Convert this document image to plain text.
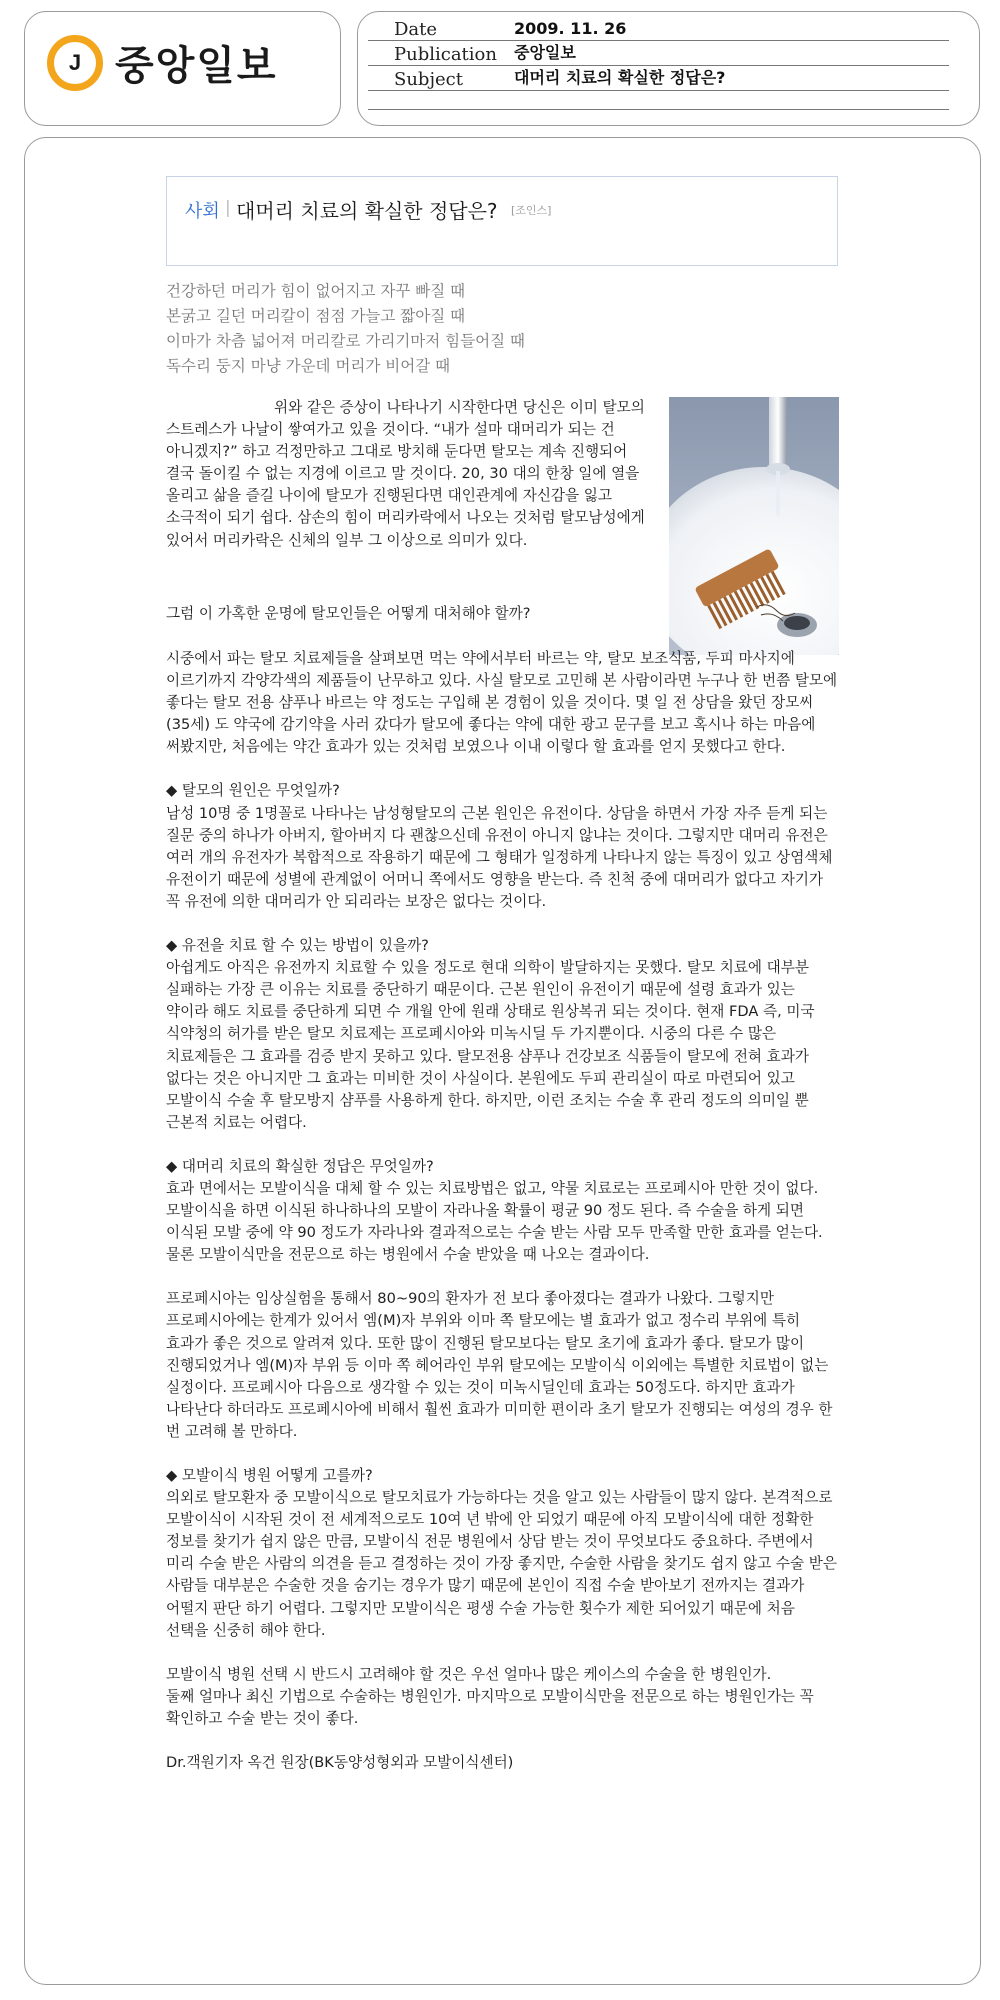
J 중앙일보
Date	2009. 11. 26
Publication	중앙일보
Subject	대머리 치료의 확실한 정답은?
사회 | 대머리 치료의 확실한 정답은? [조인스]
건강하던 머리가 힘이 없어지고 자꾸 빠질 때
본굵고 길던 머리칼이 점점 가늘고 짧아질 때
이마가 차츰 넓어져 머리칼로 가리기마저 힘들어질 때
독수리 둥지 마냥 가운데 머리가 비어갈 때
위와 같은 증상이 나타나기 시작한다면 당신은 이미 탈모의 스트레스가 나날이 쌓여가고 있을 것이다. “내가 설마 대머리가 되는 건 아니겠지?” 하고 걱정만하고 그대로 방치해 둔다면 탈모는 계속 진행되어 결국 돌이킬 수 없는 지경에 이르고 말 것이다. 20, 30 대의 한창 일에 열을 올리고 삶을 즐길 나이에 탈모가 진행된다면 대인관계에 자신감을 잃고 소극적이 되기 쉽다. 삼손의 힘이 머리카락에서 나오는 것처럼 탈모남성에게 있어서 머리카락은 신체의 일부 그 이상으로 의미가 있다.
그럼 이 가혹한 운명에 탈모인들은 어떻게 대처해야 할까?

시중에서 파는 탈모 치료제들을 살펴보면 먹는 약에서부터 바르는 약, 탈모 보조식품, 두피 마사지에 이르기까지 각양각색의 제품들이 난무하고 있다. 사실 탈모로 고민해 본 사람이라면 누구나 한 번쯤 탈모에 좋다는 탈모 전용 샴푸나 바르는 약 정도는 구입해 본 경험이 있을 것이다. 몇 일 전 상담을 왔던 장모씨 (35세) 도 약국에 감기약을 사러 갔다가 탈모에 좋다는 약에 대한 광고 문구를 보고 혹시나 하는 마음에 써봤지만, 처음에는 약간 효과가 있는 것처럼 보였으나 이내 이렇다 할 효과를 얻지 못했다고 한다.

◆ 탈모의 원인은 무엇일까?

남성 10명 중 1명꼴로 나타나는 남성형탈모의 근본 원인은 유전이다. 상담을 하면서 가장 자주 듣게 되는 질문 중의 하나가 아버지, 할아버지 다 괜찮으신데 유전이 아니지 않냐는 것이다. 그렇지만 대머리 유전은 여러 개의 유전자가 복합적으로 작용하기 때문에 그 형태가 일정하게 나타나지 않는 특징이 있고 상염색체 유전이기 때문에 성별에 관계없이 어머니 쪽에서도 영향을 받는다. 즉 친척 중에 대머리가 없다고 자기가 꼭 유전에 의한 대머리가 안 되리라는 보장은 없다는 것이다.

◆ 유전을 치료 할 수 있는 방법이 있을까?

아쉽게도 아직은 유전까지 치료할 수 있을 정도로 현대 의학이 발달하지는 못했다. 탈모 치료에 대부분 실패하는 가장 큰 이유는 치료를 중단하기 때문이다. 근본 원인이 유전이기 때문에 설령 효과가 있는 약이라 해도 치료를 중단하게 되면 수 개월 안에 원래 상태로 원상복귀 되는 것이다. 현재 FDA 즉, 미국 식약청의 허가를 받은 탈모 치료제는 프로페시아와 미녹시딜 두 가지뿐이다. 시중의 다른 수 많은 치료제들은 그 효과를 검증 받지 못하고 있다. 탈모전용 샴푸나 건강보조 식품들이 탈모에 전혀 효과가 없다는 것은 아니지만 그 효과는 미비한 것이 사실이다. 본원에도 두피 관리실이 따로 마련되어 있고 모발이식 수술 후 탈모방지 샴푸를 사용하게 한다. 하지만, 이런 조치는 수술 후 관리 정도의 의미일 뿐 근본적 치료는 어렵다.

◆ 대머리 치료의 확실한 정답은 무엇일까?

효과 면에서는 모발이식을 대체 할 수 있는 치료방법은 없고, 약물 치료로는 프로페시아 만한 것이 없다. 모발이식을 하면 이식된 하나하나의 모발이 자라나올 확률이 평균 90 정도 된다. 즉 수술을 하게 되면 이식된 모발 중에 약 90 정도가 자라나와 결과적으로는 수술 받는 사람 모두 만족할 만한 효과를 얻는다. 물론 모발이식만을 전문으로 하는 병원에서 수술 받았을 때 나오는 결과이다.

프로페시아는 임상실험을 통해서 80~90의 환자가 전 보다 좋아졌다는 결과가 나왔다. 그렇지만 프로페시아에는 한계가 있어서 엠(M)자 부위와 이마 쪽 탈모에는 별 효과가 없고 정수리 부위에 특히 효과가 좋은 것으로 알려져 있다. 또한 많이 진행된 탈모보다는 탈모 초기에 효과가 좋다. 탈모가 많이 진행되었거나 엠(M)자 부위 등 이마 쪽 헤어라인 부위 탈모에는 모발이식 이외에는 특별한 치료법이 없는 실정이다. 프로페시아 다음으로 생각할 수 있는 것이 미녹시딜인데 효과는 50정도다. 하지만 효과가 나타난다 하더라도 프로페시아에 비해서 훨씬 효과가 미미한 편이라 초기 탈모가 진행되는 여성의 경우 한 번 고려해 볼 만하다.

◆ 모발이식 병원 어떻게 고를까?

의외로 탈모환자 중 모발이식으로 탈모치료가 가능하다는 것을 알고 있는 사람들이 많지 않다. 본격적으로 모발이식이 시작된 것이 전 세계적으로도 10여 년 밖에 안 되었기 때문에 아직 모발이식에 대한 정확한 정보를 찾기가 쉽지 않은 만큼, 모발이식 전문 병원에서 상담 받는 것이 무엇보다도 중요하다. 주변에서 미리 수술 받은 사람의 의견을 듣고 결정하는 것이 가장 좋지만, 수술한 사람을 찾기도 쉽지 않고 수술 받은 사람들 대부분은 수술한 것을 숨기는 경우가 많기 때문에 본인이 직접 수술 받아보기 전까지는 결과가 어떨지 판단 하기 어렵다. 그렇지만 모발이식은 평생 수술 가능한 횟수가 제한 되어있기 때문에 처음 선택을 신중히 해야 한다.

모발이식 병원 선택 시 반드시 고려해야 할 것은 우선 얼마나 많은 케이스의 수술을 한 병원인가.

둘째 얼마나 최신 기법으로 수술하는 병원인가. 마지막으로 모발이식만을 전문으로 하는 병원인가는 꼭 확인하고 수술 받는 것이 좋다.

Dr.객원기자 옥건 원장(BK동양성형외과 모발이식센터)
